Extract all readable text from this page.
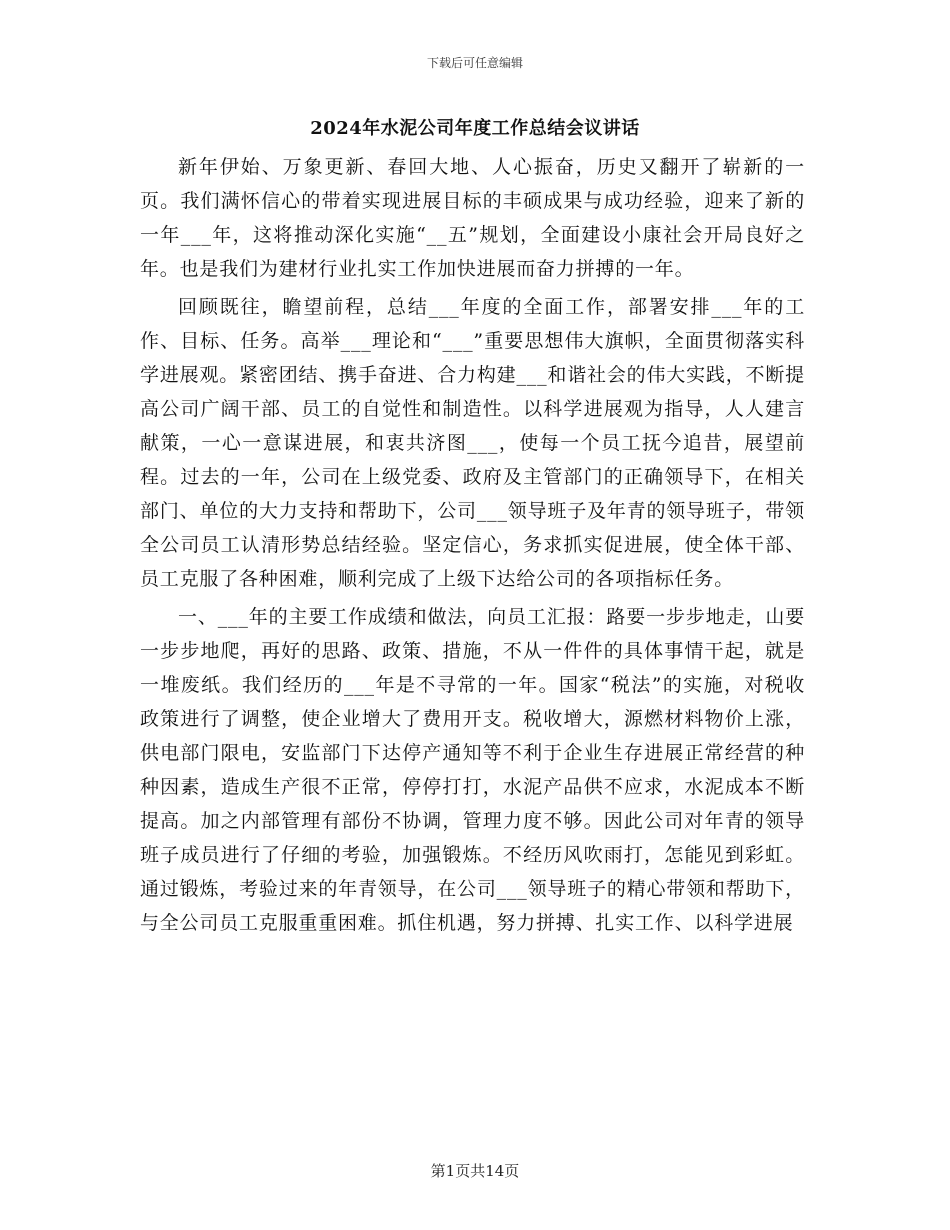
下载后可任意编辑
2024年水泥公司年度工作总结会议讲话

新年伊始、万象更新、春回大地、人心振奋，历史又翻开了崭新的一页。我们满怀信心的带着实现进展目标的丰硕成果与成功经验，迎来了新的一年___年，这将推动深化实施“__五”规划，全面建设小康社会开局良好之年。也是我们为建材行业扎实工作加快进展而奋力拼搏的一年。

回顾既往，瞻望前程，总结___年度的全面工作，部署安排___年的工作、目标、任务。高举___理论和“___”重要思想伟大旗帜，全面贯彻落实科学进展观。紧密团结、携手奋进、合力构建___和谐社会的伟大实践，不断提高公司广阔干部、员工的自觉性和制造性。以科学进展观为指导，人人建言献策，一心一意谋进展，和衷共济图___，使每一个员工抚今追昔，展望前程。过去的一年，公司在上级党委、政府及主管部门的正确领导下，在相关部门、单位的大力支持和帮助下，公司___领导班子及年青的领导班子，带领全公司员工认清形势总结经验。坚定信心，务求抓实促进展，使全体干部、员工克服了各种困难，顺利完成了上级下达给公司的各项指标任务。

一、___年的主要工作成绩和做法，向员工汇报：路要一步步地走，山要一步步地爬，再好的思路、政策、措施，不从一件件的具体事情干起，就是一堆废纸。我们经历的___年是不寻常的一年。国家“税法”的实施，对税收政策进行了调整，使企业增大了费用开支。税收增大，源燃材料物价上涨，供电部门限电，安监部门下达停产通知等不利于企业生存进展正常经营的种种因素，造成生产很不正常，停停打打，水泥产品供不应求，水泥成本不断提高。加之内部管理有部份不协调，管理力度不够。因此公司对年青的领导班子成员进行了仔细的考验，加强锻炼。不经历风吹雨打，怎能见到彩虹。通过锻炼，考验过来的年青领导，在公司___领导班子的精心带领和帮助下，与全公司员工克服重重困难。抓住机遇，努力拼搏、扎实工作、以科学进展

第1页共14页
